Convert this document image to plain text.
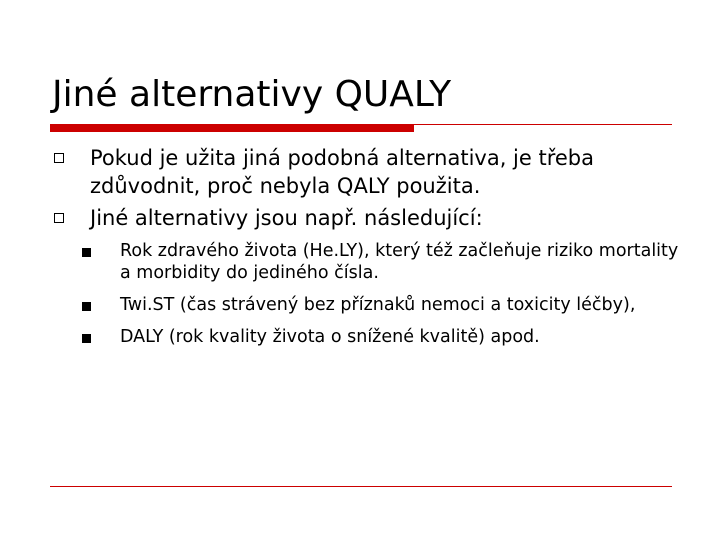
Jiné alternativy QUALY
Pokud je užita jiná podobná alternativa, je třeba zdůvodnit, proč nebyla QALY použita.
Jiné alternativy jsou např. následující:
Rok zdravého života (He.LY), který též začleňuje riziko mortality a morbidity do jediného čísla.
Twi.ST (čas strávený bez příznaků nemoci a toxicity léčby),
DALY (rok kvality života o snížené kvalitě) apod.
